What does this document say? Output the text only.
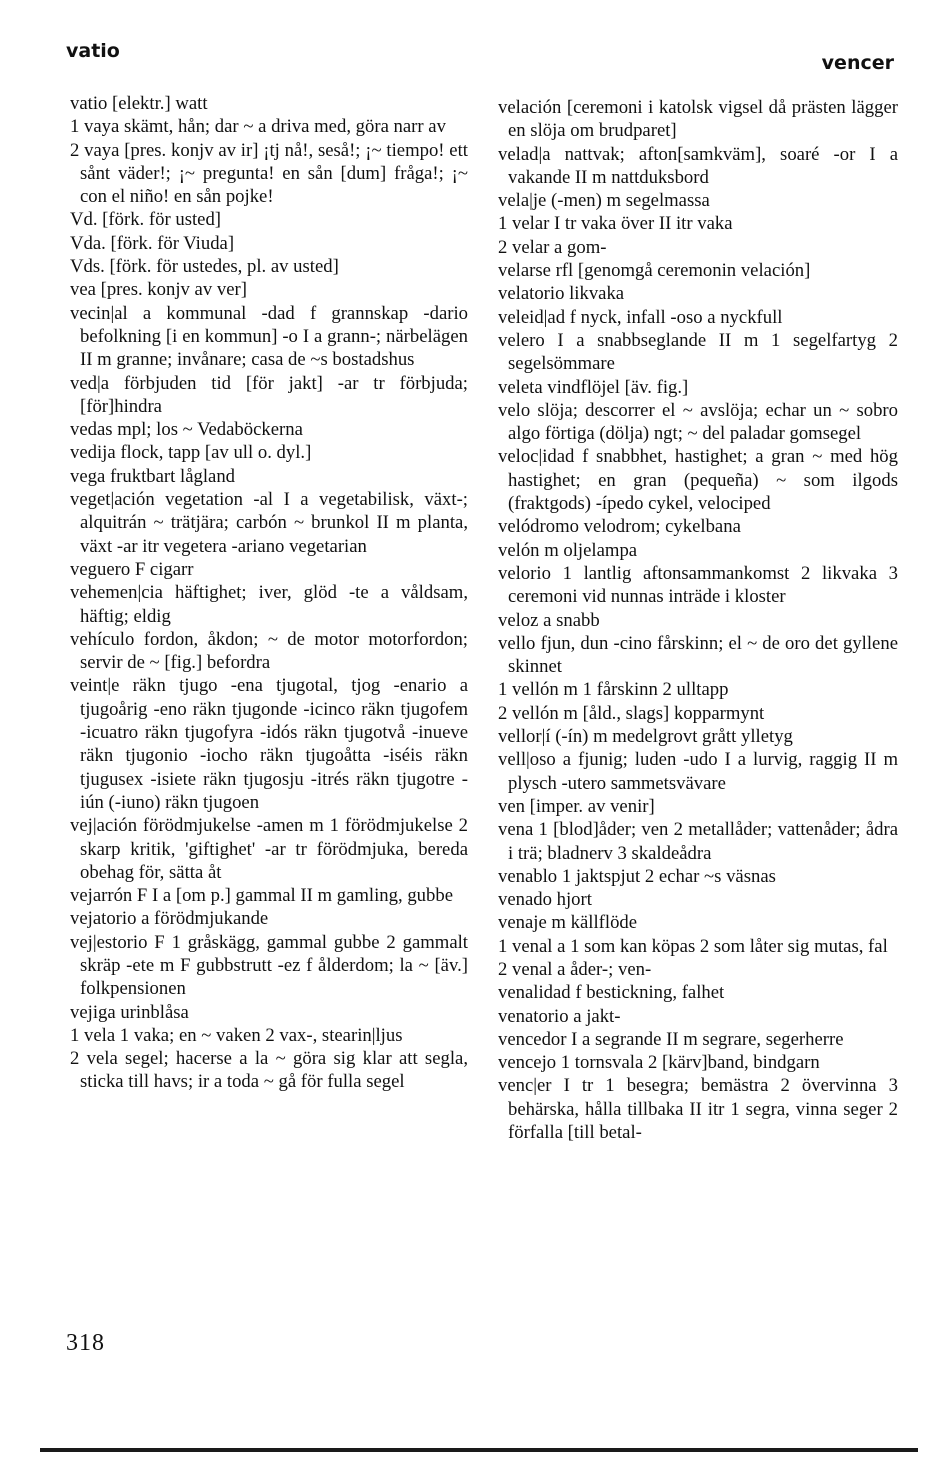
vatio
vencer

vatio [elektr.] watt

1 vaya skämt, hån; dar ~ a driva med, göra narr av

2 vaya [pres. konjv av ir] ¡tj nå!, seså!; ¡~ tiempo! ett sånt väder!; ¡~ pregunta! en sån [dum] fråga!; ¡~ con el niño! en sån pojke!

Vd. [förk. för usted]

Vda. [förk. för Viuda]

Vds. [förk. för ustedes, pl. av usted]

vea [pres. konjv av ver]

vecin|al a kommunal -dad f grannskap -dario befolkning [i en kommun] -o I a grann-; närbelägen II m granne; invånare; casa de ~s bostadshus

ved|a förbjuden tid [för jakt] -ar tr förbjuda; [för]hindra

vedas mpl; los ~ Vedaböckerna

vedija flock, tapp [av ull o. dyl.]

vega fruktbart lågland

veget|ación vegetation -al I a vegetabilisk, växt-; alquitrán ~ trätjära; carbón ~ brunkol II m planta, växt -ar itr vegetera -ariano vegetarian

veguero F cigarr

vehemen|cia häftighet; iver, glöd -te a våldsam, häftig; eldig

vehículo fordon, åkdon; ~ de motor motorfordon; servir de ~ [fig.] befordra

veint|e räkn tjugo -ena tjugotal, tjog -enario a tjugoårig -eno räkn tjugonde -icinco räkn tjugofem -icuatro räkn tjugofyra -idós räkn tjugotvå -inueve räkn tjugonio -iocho räkn tjugoåtta -iséis räkn tjugusex -isiete räkn tjugosju -itrés räkn tjugotre -iún (-iuno) räkn tjugoen

vej|ación förödmjukelse -amen m 1 förödmjukelse 2 skarp kritik, 'giftighet' -ar tr förödmjuka, bereda obehag för, sätta åt

vejarrón F I a [om p.] gammal II m gamling, gubbe

vejatorio a förödmjukande

vej|estorio F 1 gråskägg, gammal gubbe 2 gammalt skräp -ete m F gubbstrutt -ez f ålderdom; la ~ [äv.] folkpensionen

vejiga urinblåsa

1 vela 1 vaka; en ~ vaken 2 vax-, stearin|ljus

2 vela segel; hacerse a la ~ göra sig klar att segla, sticka till havs; ir a toda ~ gå för fulla segel

velación [ceremoni i katolsk vigsel då prästen lägger en slöja om brudparet]

velad|a nattvak; afton[samkväm], soaré -or I a vakande II m nattduksbord

vela|je (-men) m segelmassa

1 velar I tr vaka över II itr vaka

2 velar a gom-

velarse rfl [genomgå ceremonin velación]

velatorio likvaka

veleid|ad f nyck, infall -oso a nyckfull

velero I a snabbseglande II m 1 segelfartyg 2 segelsömmare

veleta vindflöjel [äv. fig.]

velo slöja; descorrer el ~ avslöja; echar un ~ sobro algo förtiga (dölja) ngt; ~ del paladar gomsegel

veloc|idad f snabbhet, hastighet; a gran ~ med hög hastighet; en gran (pequeña) ~ som ilgods (fraktgods) -ípedo cykel, velociped

velódromo velodrom; cykelbana

velón m oljelampa

velorio 1 lantlig aftonsammankomst 2 likvaka 3 ceremoni vid nunnas inträde i kloster

veloz a snabb

vello fjun, dun -cino fårskinn; el ~ de oro det gyllene skinnet

1 vellón m 1 fårskinn 2 ulltapp

2 vellón m [åld., slags] kopparmynt

vellor|í (-ín) m medelgrovt grått ylletyg

vell|oso a fjunig; luden -udo I a lurvig, raggig II m plysch -utero sammetsvävare

ven [imper. av venir]

vena 1 [blod]åder; ven 2 metallåder; vattenåder; ådra i trä; bladnerv 3 skaldeådra

venablo 1 jaktspjut 2 echar ~s väsnas

venado hjort

venaje m källflöde

1 venal a 1 som kan köpas 2 som låter sig mutas, fal

2 venal a åder-; ven-

venalidad f bestickning, falhet

venatorio a jakt-

vencedor I a segrande II m segrare, segerherre

vencejo 1 tornsvala 2 [kärv]band, bindgarn

venc|er I tr 1 besegra; bemästra 2 övervinna 3 behärska, hålla tillbaka II itr 1 segra, vinna seger 2 förfalla [till betal-

318
